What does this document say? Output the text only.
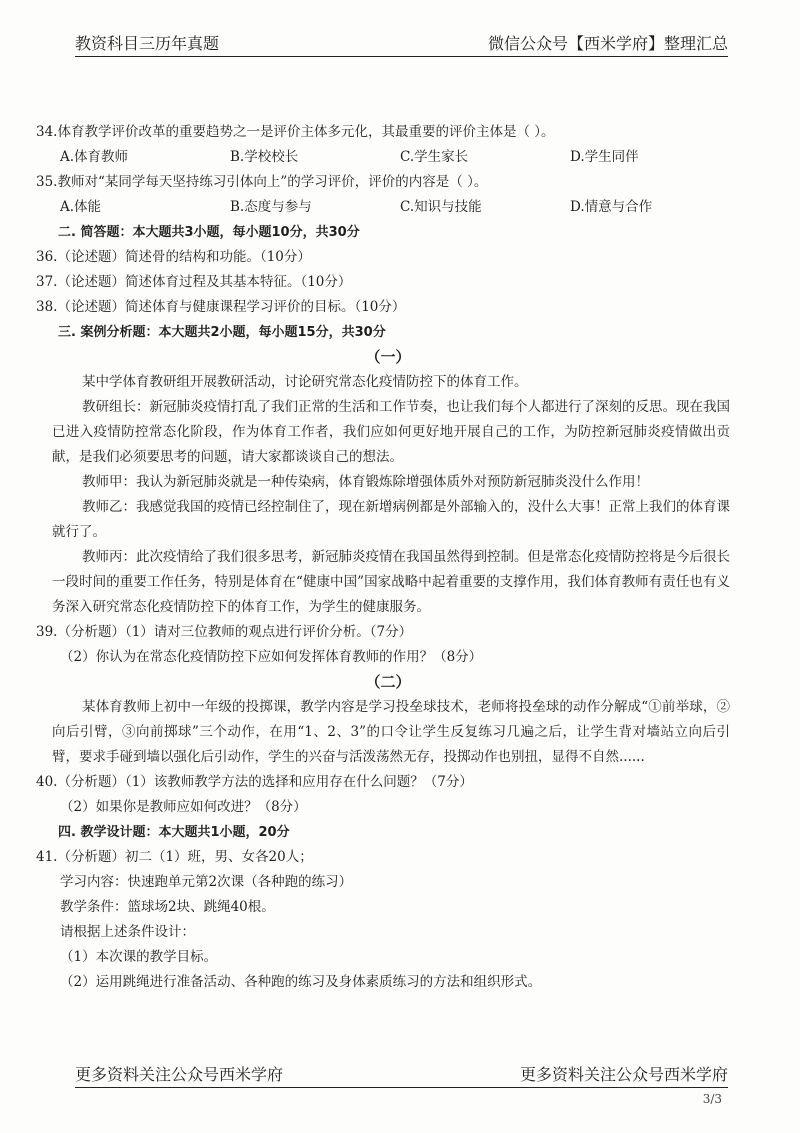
教资科目三历年真题	微信公众号【西米学府】整理汇总

34.体育教学评价改革的重要趋势之一是评价主体多元化，其最重要的评价主体是（ ）。

A.体育教师	B.学校校长	C.学生家长	D.学生同伴

35.教师对“某同学每天坚持练习引体向上”的学习评价，评价的内容是（ ）。

A.体能	B.态度与参与	C.知识与技能	D.情意与合作

二. 简答题：本大题共3小题，每小题10分，共30分

36.（论述题）简述骨的结构和功能。（10分）

37.（论述题）简述体育过程及其基本特征。（10分）

38.（论述题）简述体育与健康课程学习评价的目标。（10分）

三. 案例分析题：本大题共2小题，每小题15分，共30分

（一）

某中学体育教研组开展教研活动，讨论研究常态化疫情防控下的体育工作。

教研组长：新冠肺炎疫情打乱了我们正常的生活和工作节奏，也让我们每个人都进行了深刻的反思。现在我国已进入疫情防控常态化阶段，作为体育工作者，我们应如何更好地开展自己的工作，为防控新冠肺炎疫情做出贡献，是我们必须要思考的问题，请大家都谈谈自己的想法。

教师甲：我认为新冠肺炎就是一种传染病，体育锻炼除增强体质外对预防新冠肺炎没什么作用！

教师乙：我感觉我国的疫情已经控制住了，现在新增病例都是外部输入的，没什么大事！正常上我们的体育课就行了。

教师丙：此次疫情给了我们很多思考，新冠肺炎疫情在我国虽然得到控制。但是常态化疫情防控将是今后很长一段时间的重要工作任务，特别是体育在“健康中国”国家战略中起着重要的支撑作用，我们体育教师有责任也有义务深入研究常态化疫情防控下的体育工作，为学生的健康服务。

39.（分析题）（1）请对三位教师的观点进行评价分析。（7分）

（2）你认为在常态化疫情防控下应如何发挥体育教师的作用？（8分）

（二）

某体育教师上初中一年级的投掷课，教学内容是学习投垒球技术，老师将投垒球的动作分解成“①前举球，②向后引臂，③向前掷球”三个动作，在用“1、2、3”的口令让学生反复练习几遍之后，让学生背对墙站立向后引臂，要求手碰到墙以强化后引动作，学生的兴奋与活泼荡然无存，投掷动作也别扭，显得不自然......

40.（分析题）（1）该教师教学方法的选择和应用存在什么问题？（7分）

（2）如果你是教师应如何改进？（8分）

四. 教学设计题：本大题共1小题，20分

41.（分析题）初二（1）班，男、女各20人；

学习内容：快速跑单元第2次课（各种跑的练习）

教学条件：篮球场2块、跳绳40根。

请根据上述条件设计：

（1）本次课的教学目标。

（2）运用跳绳进行准备活动、各种跑的练习及身体素质练习的方法和组织形式。

更多资料关注公众号西米学府	更多资料关注公众号西米学府
3/3
